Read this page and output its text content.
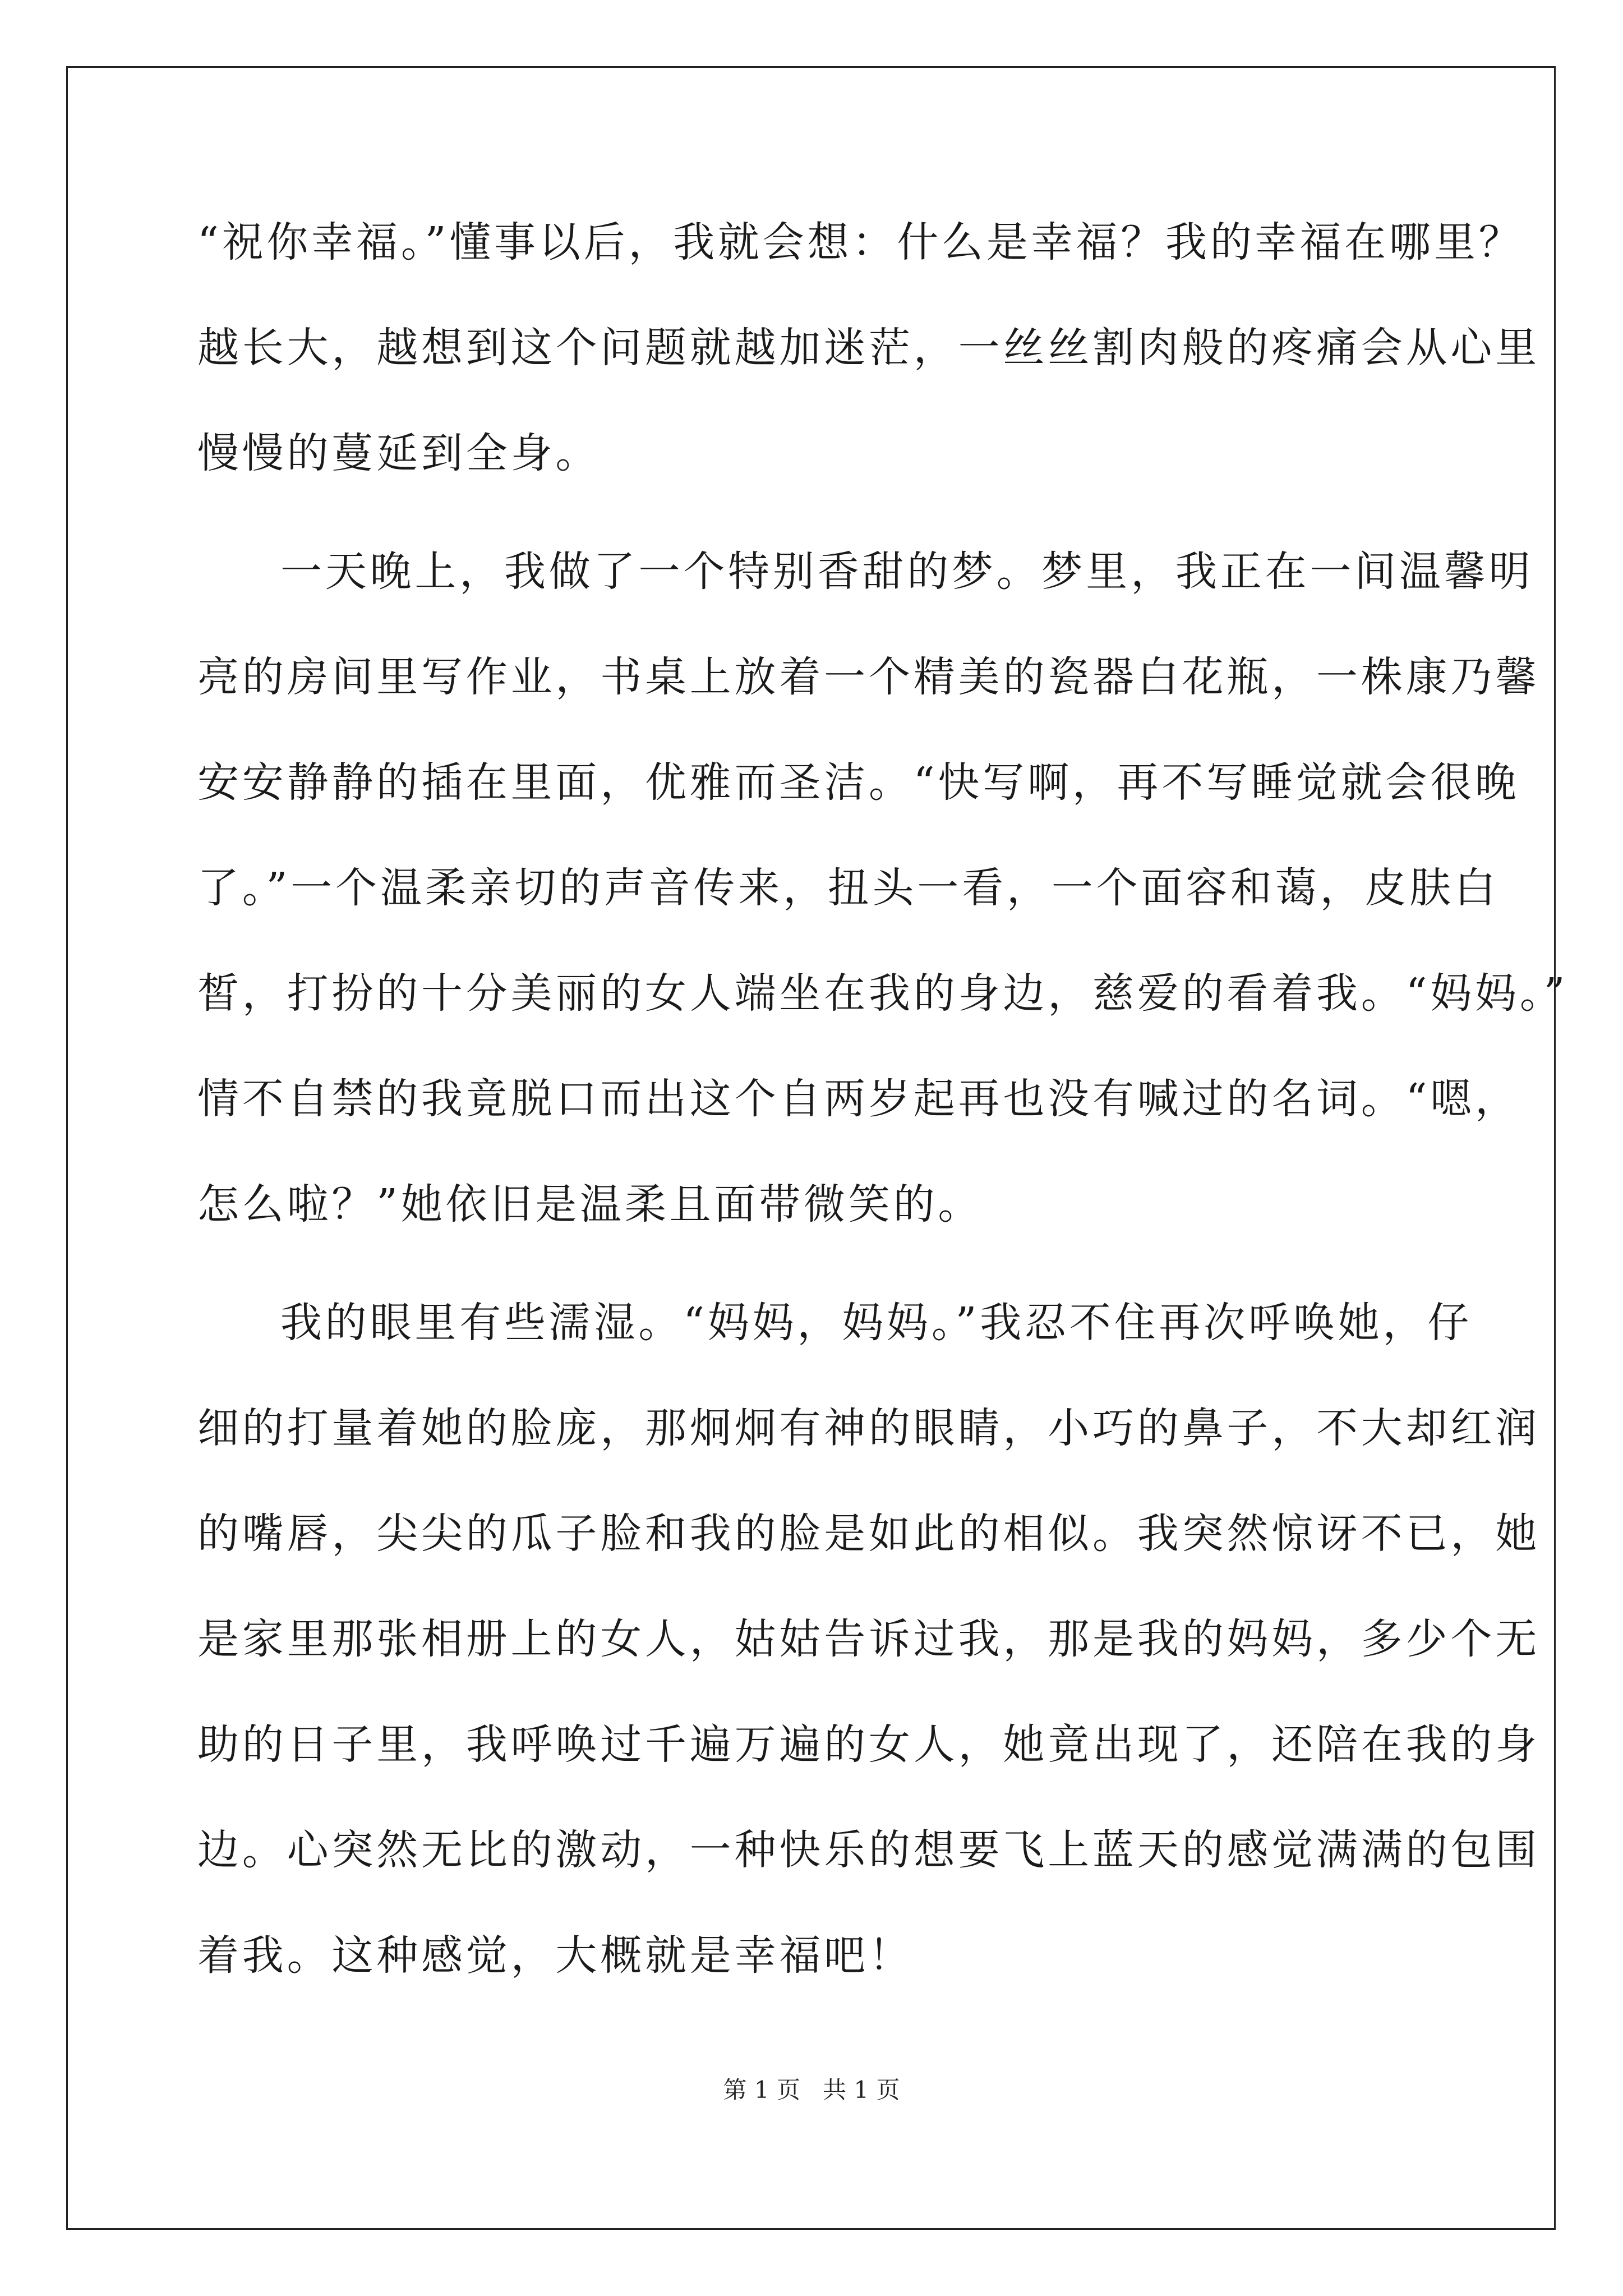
“祝你幸福。”懂事以后，我就会想：什么是幸福？我的幸福在哪里？
越长大，越想到这个问题就越加迷茫，一丝丝割肉般的疼痛会从心里
慢慢的蔓延到全身。
一天晚上，我做了一个特别香甜的梦。梦里，我正在一间温馨明
亮的房间里写作业，书桌上放着一个精美的瓷器白花瓶，一株康乃馨
安安静静的插在里面，优雅而圣洁。“快写啊，再不写睡觉就会很晚
了。”一个温柔亲切的声音传来，扭头一看，一个面容和蔼，皮肤白
皙，打扮的十分美丽的女人端坐在我的身边，慈爱的看着我。“妈妈。”
情不自禁的我竟脱口而出这个自两岁起再也没有喊过的名词。“嗯，
怎么啦？”她依旧是温柔且面带微笑的。
我的眼里有些濡湿。“妈妈，妈妈。”我忍不住再次呼唤她，仔
细的打量着她的脸庞，那炯炯有神的眼睛，小巧的鼻子，不大却红润
的嘴唇，尖尖的瓜子脸和我的脸是如此的相似。我突然惊讶不已，她
是家里那张相册上的女人，姑姑告诉过我，那是我的妈妈，多少个无
助的日子里，我呼唤过千遍万遍的女人，她竟出现了，还陪在我的身
边。心突然无比的激动，一种快乐的想要飞上蓝天的感觉满满的包围
着我。这种感觉，大概就是幸福吧！
第 1 页   共 1 页
